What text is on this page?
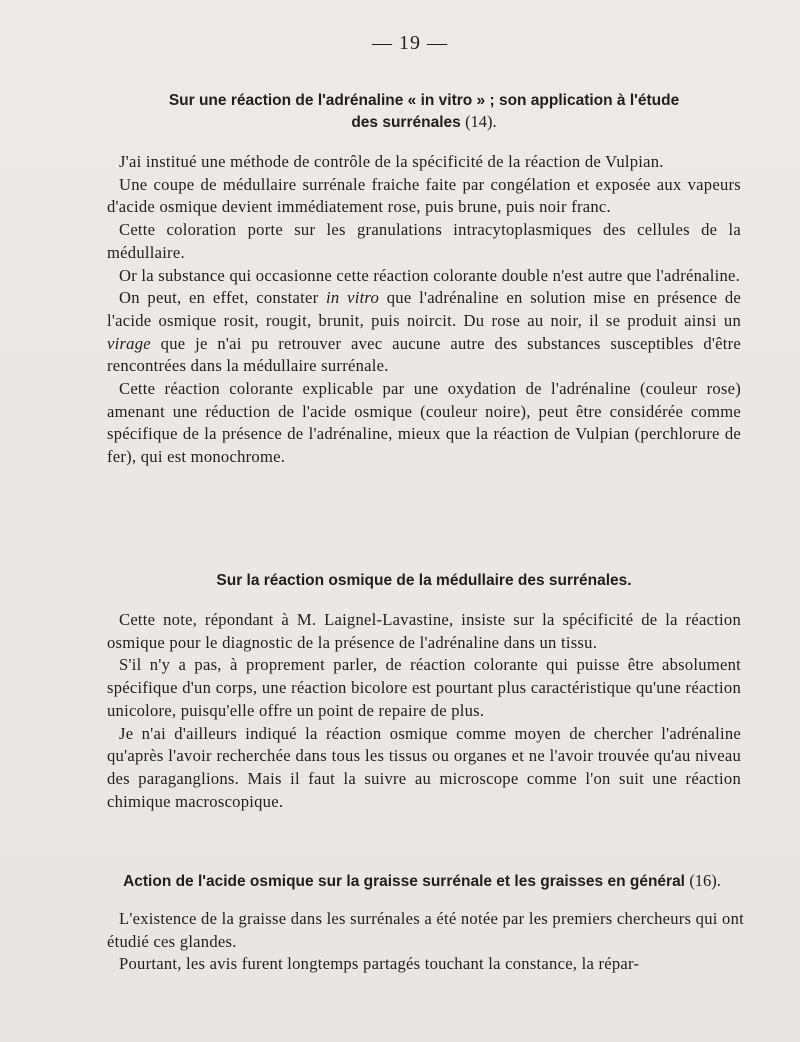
— 19 —
Sur une réaction de l'adrénaline « in vitro » ; son application à l'étude
des surrénales (14).

J'ai institué une méthode de contrôle de la spécificité de la réaction de Vulpian.

Une coupe de médullaire surrénale fraiche faite par congélation et exposée aux vapeurs d'acide osmique devient immédiatement rose, puis brune, puis noir franc.

Cette coloration porte sur les granulations intracytoplasmiques des cellules de la médullaire.

Or la substance qui occasionne cette réaction colorante double n'est autre que l'adrénaline.

On peut, en effet, constater in vitro que l'adrénaline en solution mise en présence de l'acide osmique rosit, rougit, brunit, puis noircit. Du rose au noir, il se produit ainsi un virage que je n'ai pu retrouver avec aucune autre des substances susceptibles d'être rencontrées dans la médullaire surrénale.

Cette réaction colorante explicable par une oxydation de l'adrénaline (couleur rose) amenant une réduction de l'acide osmique (couleur noire), peut être considérée comme spécifique de la présence de l'adrénaline, mieux que la réaction de Vulpian (perchlorure de fer), qui est monochrome.

Sur la réaction osmique de la médullaire des surrénales.

Cette note, répondant à M. Laignel-Lavastine, insiste sur la spécificité de la réaction osmique pour le diagnostic de la présence de l'adrénaline dans un tissu.

S'il n'y a pas, à proprement parler, de réaction colorante qui puisse être absolument spécifique d'un corps, une réaction bicolore est pourtant plus caractéristique qu'une réaction unicolore, puisqu'elle offre un point de repaire de plus.

Je n'ai d'ailleurs indiqué la réaction osmique comme moyen de chercher l'adrénaline qu'après l'avoir recherchée dans tous les tissus ou organes et ne l'avoir trouvée qu'au niveau des paraganglions. Mais il faut la suivre au microscope comme l'on suit une réaction chimique macroscopique.

Action de l'acide osmique sur la graisse surrénale et les graisses en général (16).

L'existence de la graisse dans les surrénales a été notée par les premiers chercheurs qui ont étudié ces glandes.

Pourtant, les avis furent longtemps partagés touchant la constance, la répar-
